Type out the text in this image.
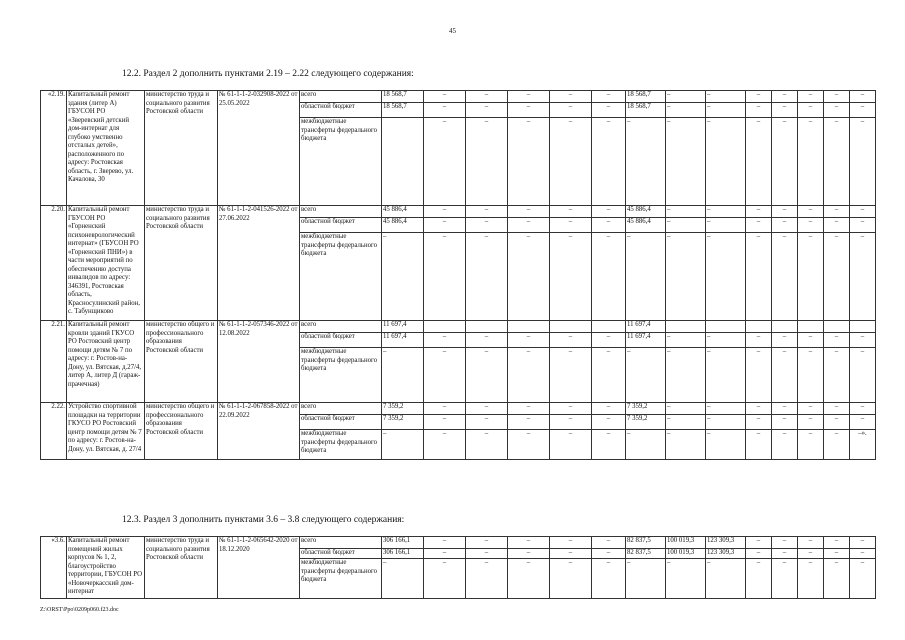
45
12.2. Раздел 2 дополнить пунктами 2.19 – 2.22 следующего содержания:
«2.19.	Капитальный ремонт здания (литер А) ГБУСОН РО «Зверевский детский дом-интернат для глубоко умственно отсталых детей», расположенного по адресу: Ростовская область, г. Зверево, ул. Качалова, 30	министерство труда и социального развития Ростовской области	№ 61-1-1-2-032908-2022 от 25.05.2022	всего	18 568,7	–	–	–	–	–	18 568,7	–	–	–	–	–	–	–
				областной бюджет	18 568,7	–	–	–	–	–	18 568,7	–	–	–	–	–	–	–
				межбюджетные трансферты федерального бюджета		–	–	–	–	–	–	–	–	–	–	–	–	–
2.20.	Капитальный ремонт ГБУСОН РО «Горненский психоневрологический интернат» (ГБУСОН РО «Горненский ПНИ») в части мероприятий по обеспечению доступа инвалидов по адресу: 346391, Ростовская область, Красносулинский район, с. Табунщиково	министерство труда и социального развития Ростовской области	№ 61-1-1-2-041526-2022 от 27.06.2022	всего	45 886,4	–	–	–	–	–	45 886,4	–	–	–	–	–	–	–
				областной бюджет	45 886,4	–	–	–	–	–	45 886,4	–	–	–	–	–	–	–
				межбюджетные трансферты федерального бюджета	–	–	–	–	–	–	–	–	–	–	–	–	–	–
2.21.	Капитальный ремонт кровли зданий ГКУСО РО Ростовский центр помощи детям № 7 по адресу: г. Ростов-на-Дону, ул. Вятская, д.27/4, литер А, литер Д (гараж-прачечная)	министерство общего и профессионального образования Ростовской области	№ 61-1-1-2-057346-2022 от 12.08.2022	всего	11 697,4						11 697,4							
				областной бюджет	11 697,4	–	–	–	–	–	11 697,4	–	–	–	–	–	–	–
				межбюджетные трансферты федерального бюджета	–	–	–	–	–	–	–	–	–	–	–	–	–	–
2.22.	Устройство спортивной площадки на территории ГКУСО РО Ростовский центр помощи детям № 7 по адресу: г. Ростов-на-Дону, ул. Вятская, д. 27/4	министерство общего и профессионального образования Ростовской области	№ 61-1-1-2-067858-2022 от 22.09.2022	всего	7 359,2	–	–	–	–	–	7 359,2	–	–	–	–	–	–	–
				областной бюджет	7 359,2	–	–	–	–	–	7 359,2	–	–	–	–	–	–	–
				межбюджетные трансферты федерального бюджета	–	–	–	–	–	–	–	–	–	–	–	–	–	–».
12.3. Раздел 3 дополнить пунктами 3.6 – 3.8 следующего содержания:
«3.6.	Капитальный ремонт помещений жилых корпусов № 1, 2, благоустройство территории, ГБУСОН РО «Новочеркасский дом-интернат	министерство труда и социального развития Ростовской области	№ 61-1-1-2-065642-2020 от 18.12.2020	всего	306 166,1	–	–	–	–	–	82 837,5	100 019,3	123 309,3	–	–	–	–	–
				областной бюджет	306 166,1	–	–	–	–	–	82 837,5	100 019,3	123 309,3	–	–	–	–	–
				межбюджетные трансферты федерального бюджета	–	–	–	–	–	–	–	–	–	–	–	–	–	–
Z:\ORST\Ppo\0209p060.f23.doc
